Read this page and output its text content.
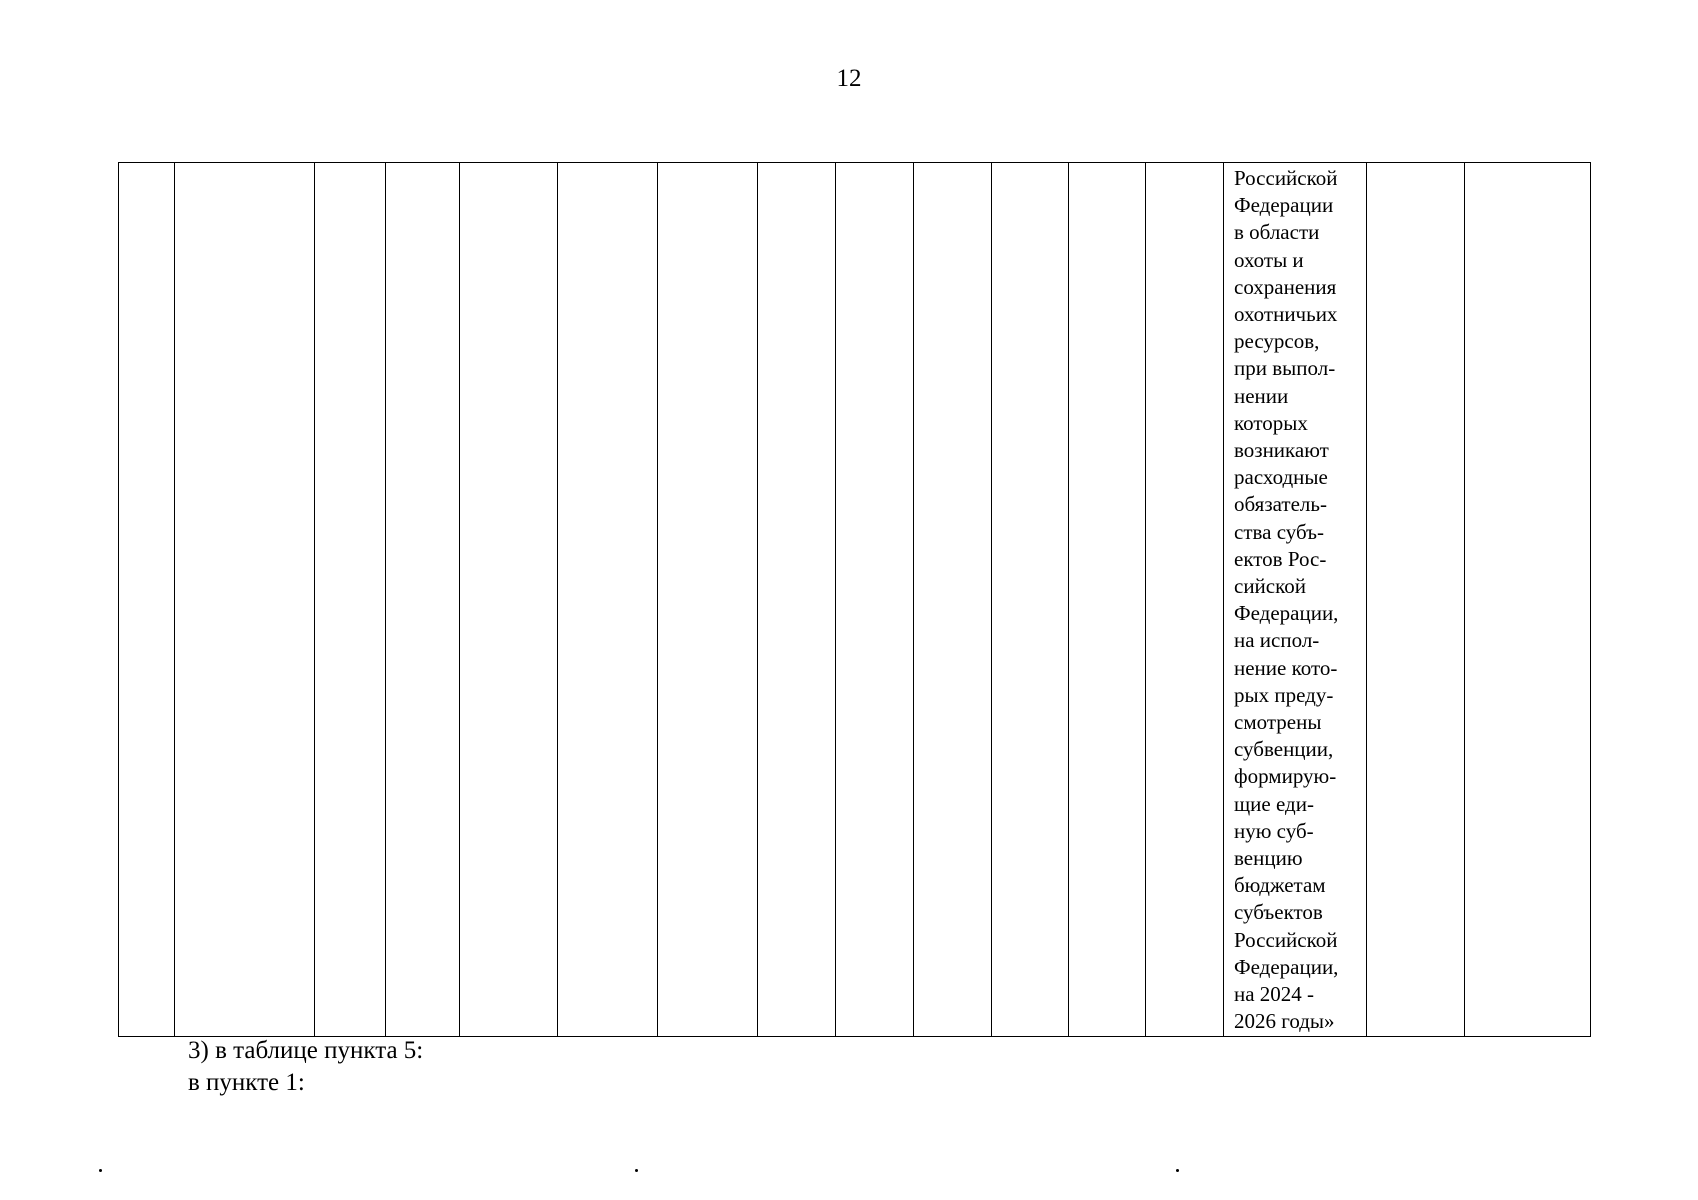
12

Российской
Федерации
в области
охоты и
сохранения
охотничьих
ресурсов,
при выпол-
нении
которых
возникают
расходные
обязатель-
ства субъ-
ектов Рос-
сийской
Федерации,
на испол-
нение кото-
рых преду-
смотрены
субвенции,
формирую-
щие еди-
ную суб-
венцию
бюджетам
субъектов
Российской
Федерации,
на 2024 -
2026 годы»

3) в таблице пункта 5:
в пункте 1:
